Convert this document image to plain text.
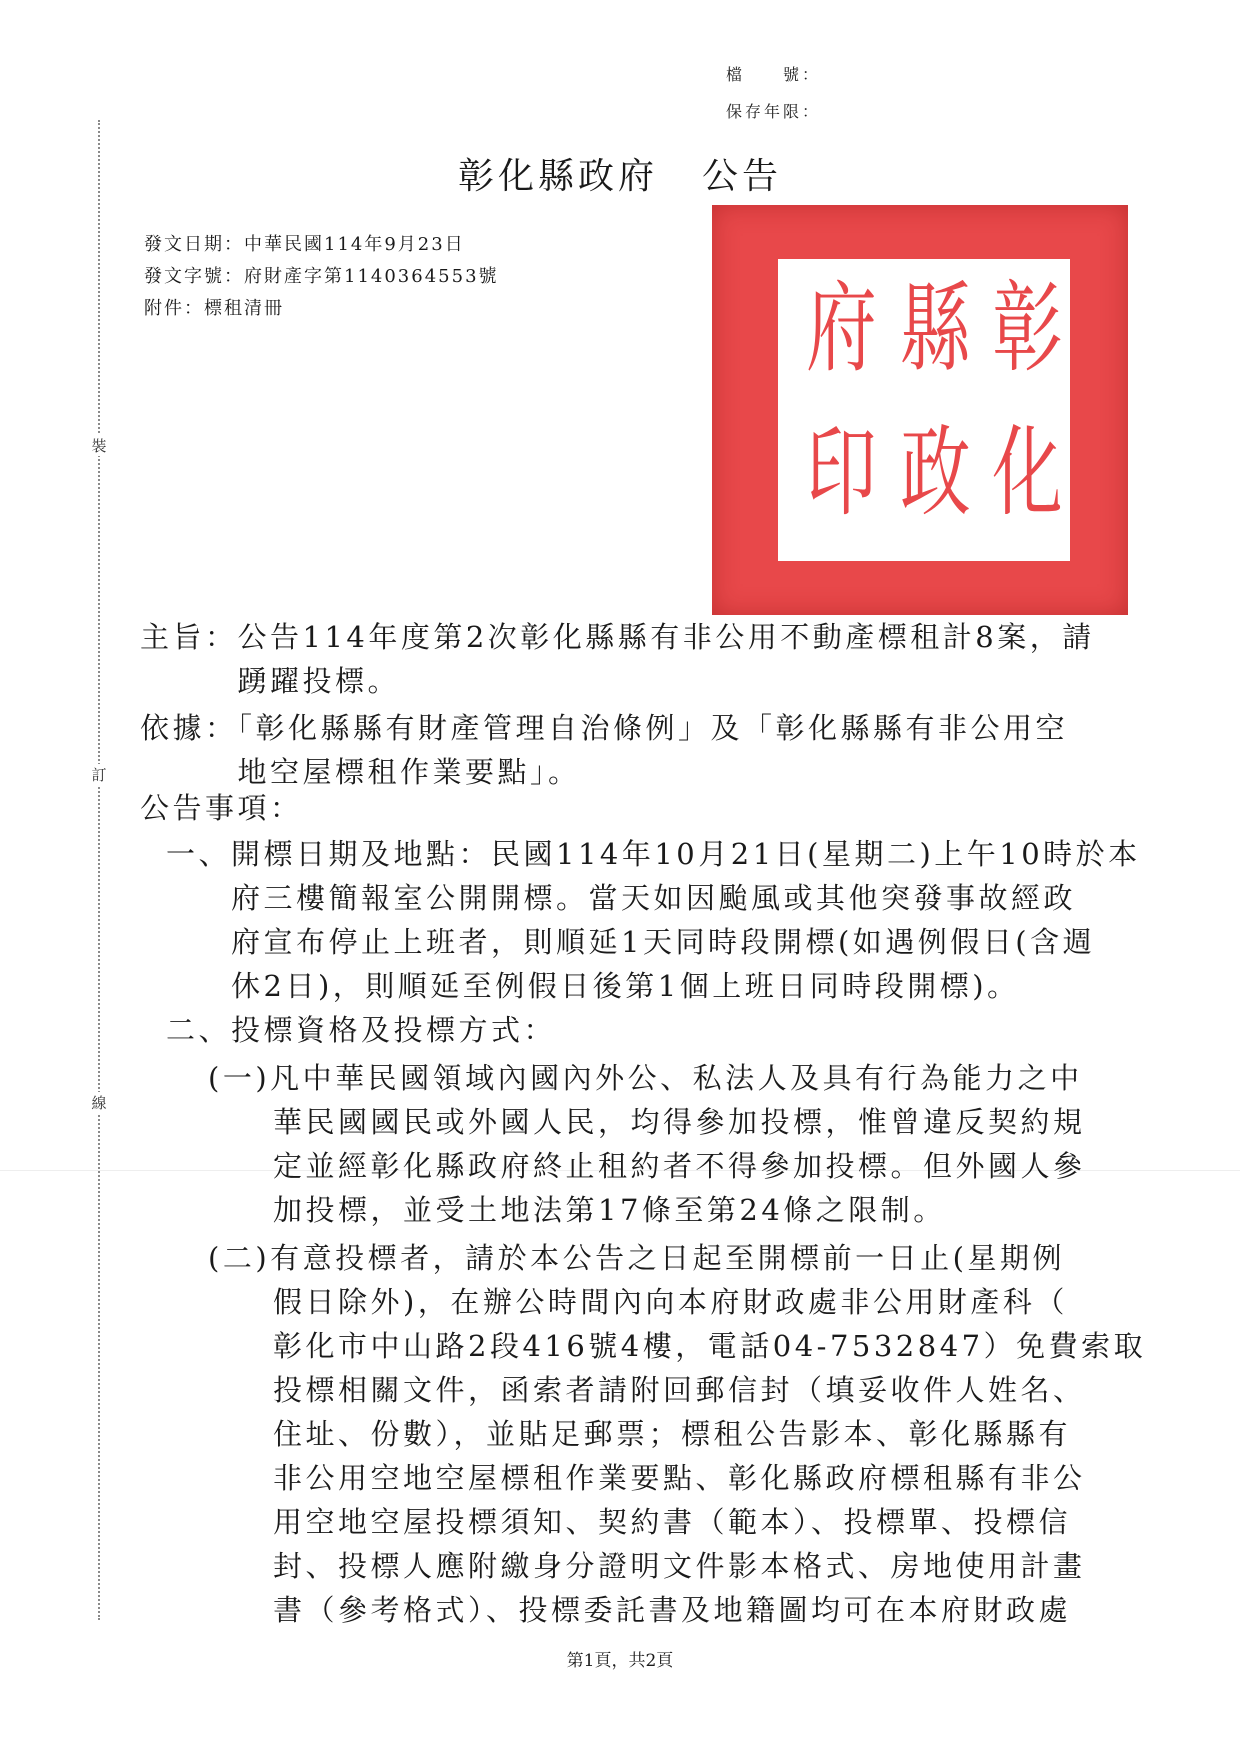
裝
訂
線
檔　　號：
保存年限：
彰化縣政府 公告
發文日期：中華民國114年9月23日
發文字號：府財產字第1140364553號
附件：標租清冊	彰
縣
府
化
政
印
主旨：公告114年度第2次彰化縣縣有非公用不動產標租計8案，請
　　　踴躍投標。
依據：「彰化縣縣有財產管理自治條例」及「彰化縣縣有非公用空
　　　地空屋標租作業要點」。
公告事項：
一、開標日期及地點：民國114年10月21日(星期二)上午10時於本
　　府三樓簡報室公開開標。當天如因颱風或其他突發事故經政
　　府宣布停止上班者，則順延1天同時段開標(如遇例假日(含週
　　休2日)，則順延至例假日後第1個上班日同時段開標)。
二、投標資格及投標方式：
(一)凡中華民國領域內國內外公、私法人及具有行為能力之中
　　華民國國民或外國人民，均得參加投標，惟曾違反契約規
　　定並經彰化縣政府終止租約者不得參加投標。但外國人參
　　加投標，並受土地法第17條至第24條之限制。
(二)有意投標者，請於本公告之日起至開標前一日止(星期例
　　假日除外)，在辦公時間內向本府財政處非公用財產科（
　　彰化市中山路2段416號4樓，電話04-7532847）免費索取
　　投標相關文件，函索者請附回郵信封（填妥收件人姓名、
　　住址、份數），並貼足郵票；標租公告影本、彰化縣縣有
　　非公用空地空屋標租作業要點、彰化縣政府標租縣有非公
　　用空地空屋投標須知、契約書（範本）、投標單、投標信
　　封、投標人應附繳身分證明文件影本格式、房地使用計畫
　　書（參考格式）、投標委託書及地籍圖均可在本府財政處
第1頁，共2頁
